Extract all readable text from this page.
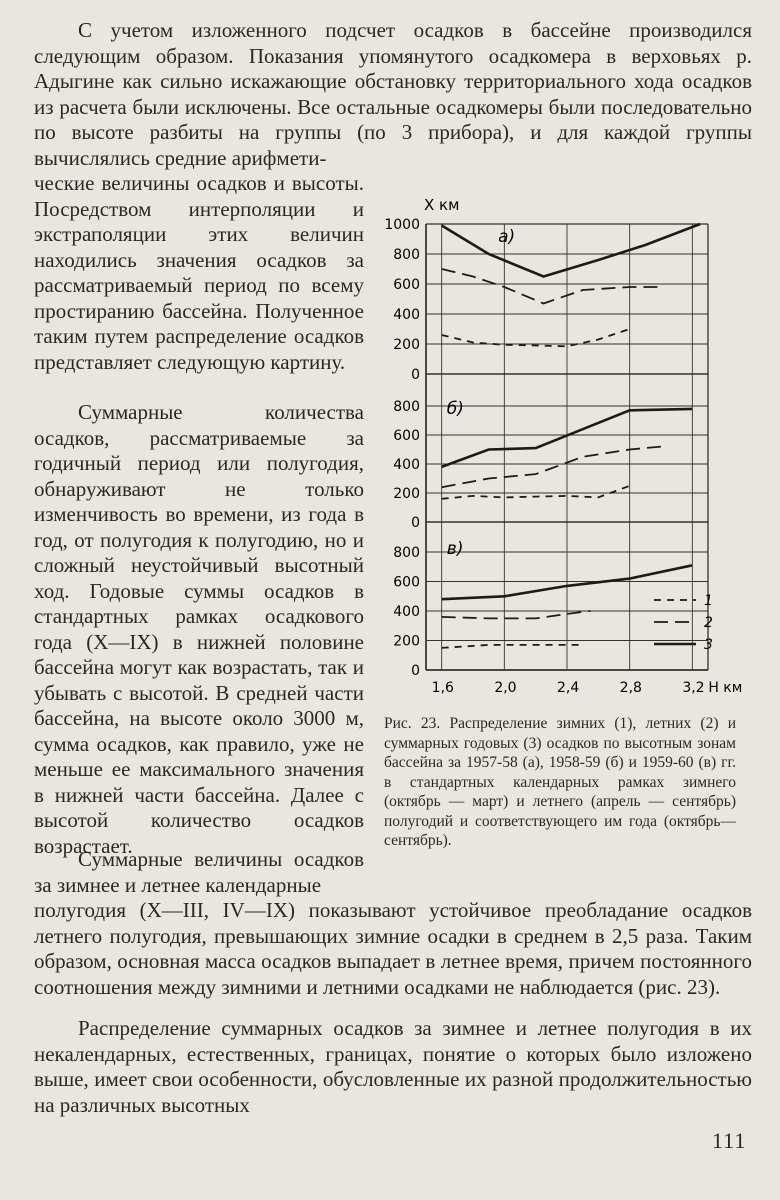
С учетом изложенного подсчет осадков в бассейне производился следующим образом. Показания упомянутого осадкомера в верховьях р. Адыгине как сильно искажающие обстановку территориального хода осадков из расчета были исключены. Все остальные осадкомеры были последовательно по высоте разбиты на группы (по 3 прибора), и для каждой группы вычислялись средние арифмети-

ческие величины осадков и высоты. Посредством интерполяции и экстраполяции этих величин находились значения осадков за рассматриваемый период по всему простиранию бассейна. Полученное таким путем распределение осадков представляет следующую картину.

Суммарные количества осадков, рассматриваемые за годичный период или полугодия, обнаруживают не только изменчивость во времени, из года в год, от полугодия к полугодию, но и сложный неустойчивый высотный ход. Годовые суммы осадков в стандартных рамках осадкового года (X—IX) в нижней половине бассейна могут как возрастать, так и убывать с высотой. В средней части бассейна, на высоте около 3000 м, сумма осадков, как правило, уже не меньше ее максимального значения в нижней части бассейна. Далее с высотой количество осадков возрастает.

Суммарные величины осадков за зимнее и летнее календарные

полугодия (X—III, IV—IX) показывают устойчивое преобладание осадков летнего полугодия, превышающих зимние осадки в среднем в 2,5 раза. Таким образом, основная масса осадков выпадает в летнее время, причем постоянного соотношения между зимними и летними осадками не наблюдается (рис. 23).

Распределение суммарных осадков за зимнее и летнее полугодия в их некалендарных, естественных, границах, понятие о которых было изложено выше, имеет свои особенности, обусловленные их разной продолжительностью на различных высотных

Х км
1,6	2,0	2,4	2,8	3,2 Н км
1000
800
600
400
200
0
а)
800
600
400
200
0
б)
800
600
400
200
0
в)
1
2
3

Рис. 23. Распределение зимних (1), летних (2) и суммарных годовых (3) осадков по высотным зонам бассейна за 1957-58 (а), 1958-59 (б) и 1959-60 (в) гг. в стандартных календарных рамках зимнего (октябрь — март) и летнего (апрель — сентябрь) полугодий и соответствующего им года (октябрь—сентябрь).

111
